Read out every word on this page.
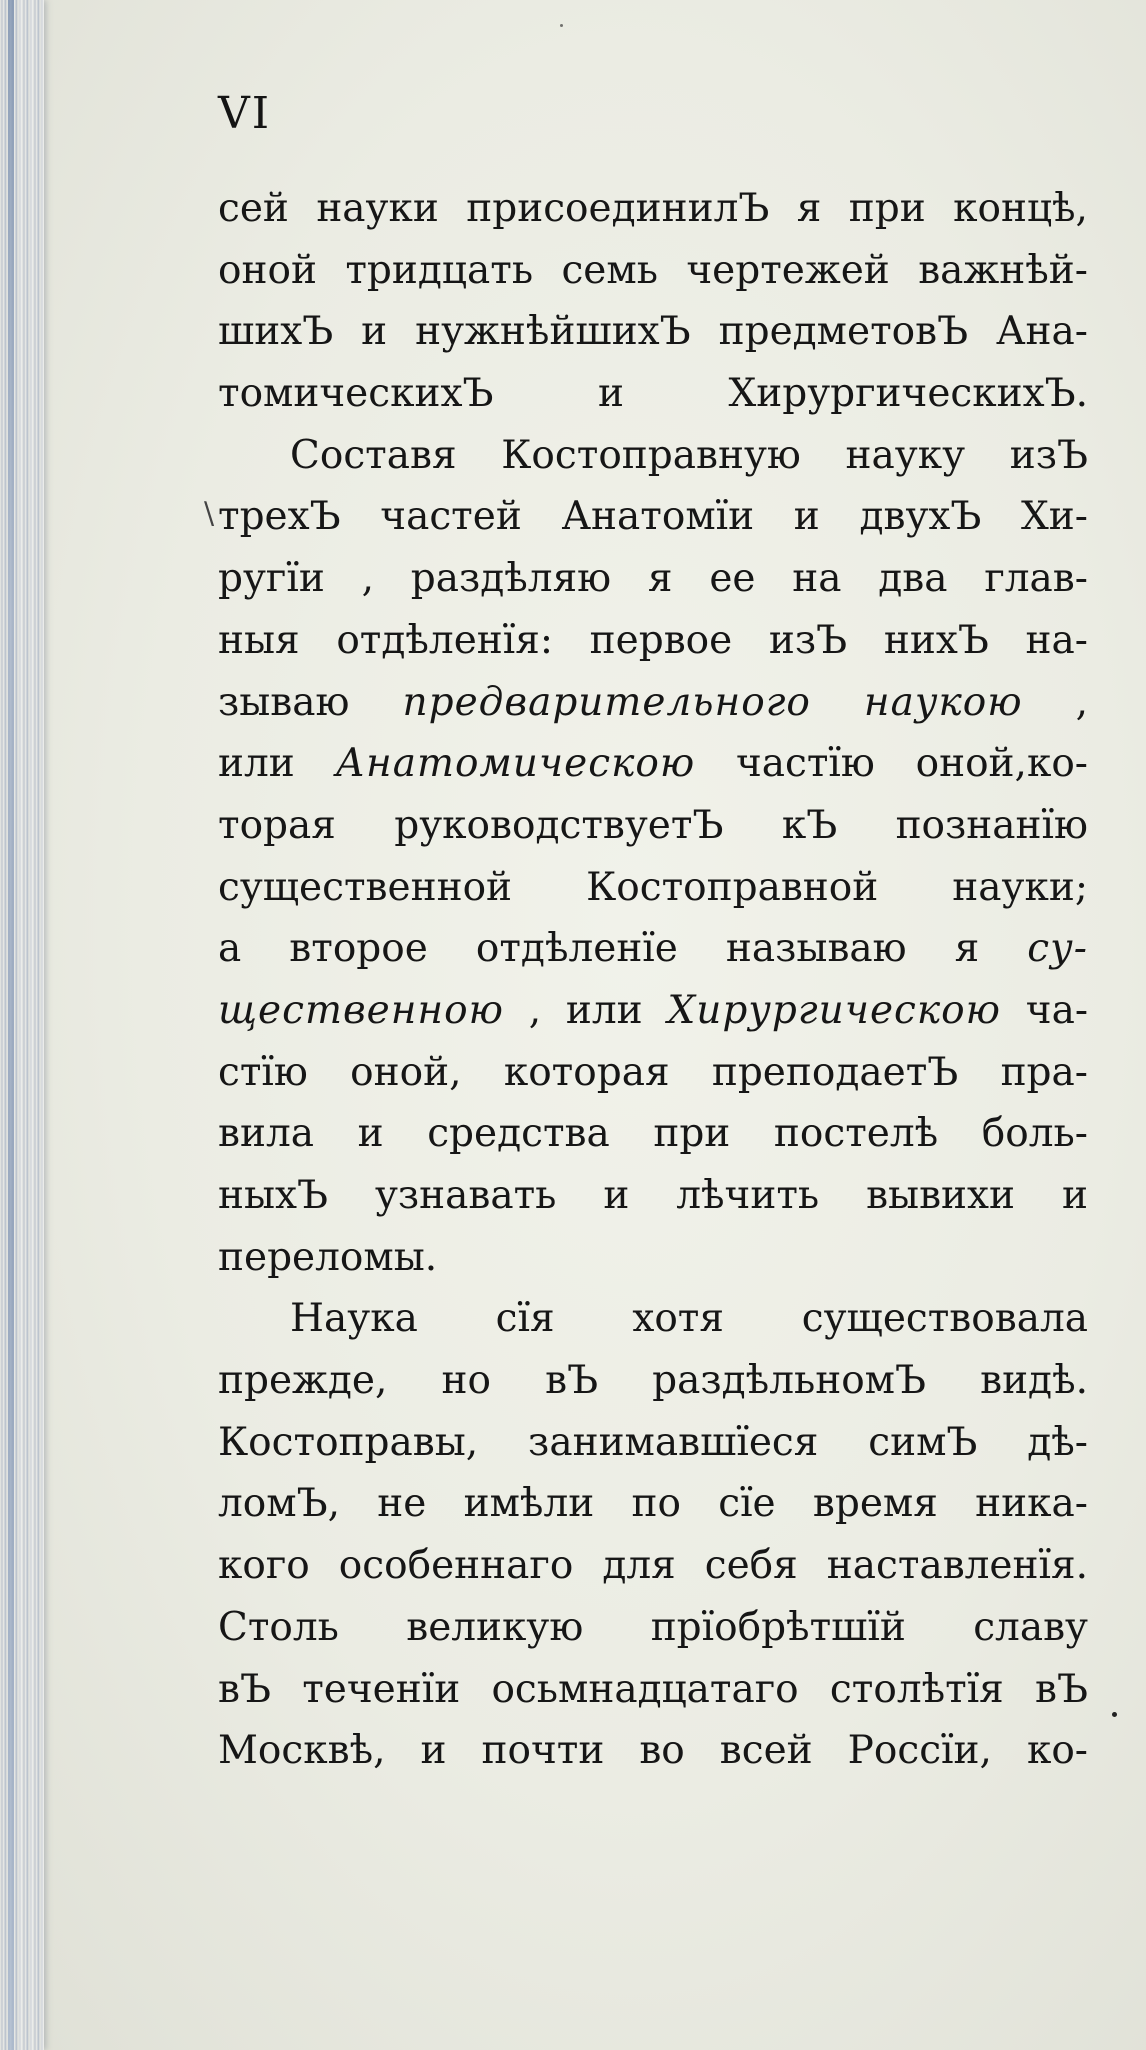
VI
\
сей науки присоединилЪ я при концѣ,
оной тридцать семь чертежей важнѣй-
шихЪ и нужнѣйшихЪ предметовЪ Ана-
томическихЪ	и	ХирургическихЪ.
Составя Костоправную науку изЪ
трехЪ частей Анатомїи и двухЪ Хи-
ругїи , раздѣляю я ее на два глав-
ныя отдѣленїя: первое изЪ нихЪ на-
зываю предварительного наукою ,
или Анатомическою частїю оной,ко-
торая руководствуетЪ кЪ познанїю
существенной Костоправной науки;
а второе отдѣленїе называю я су-
щественною , или Хирургическою ча-
стїю оной, которая преподаетЪ пра-
вила и средства при постелѣ боль-
ныхЪ узнавать и лѣчить вывихи и
переломы.
Наука сїя хотя существовала
прежде, но вЪ раздѣльномЪ видѣ.
Костоправы, занимавшїеся симЪ дѣ-
ломЪ, не имѣли по сїе время ника-
кого особеннаго для себя наставленїя.
Столь великую прїобрѣтшїй славу
вЪ теченїи осьмнадцатаго столѣтїя вЪ
Москвѣ, и почти во всей Россїи, ко-
